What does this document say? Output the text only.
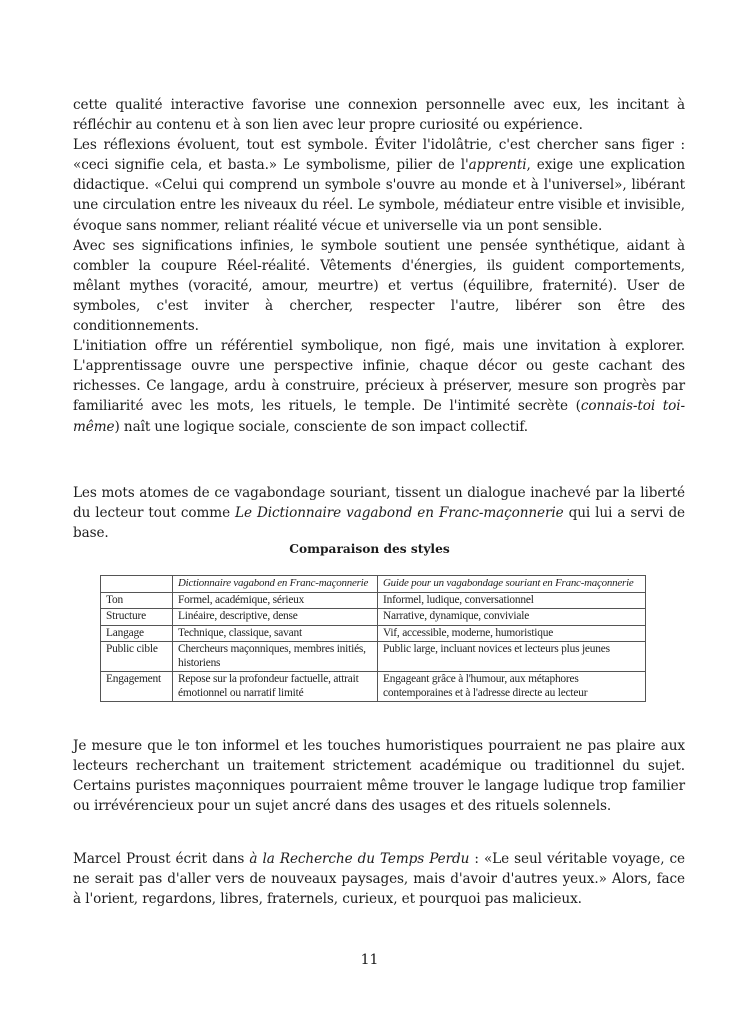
cette qualité interactive favorise une connexion personnelle avec eux, les incitant à réfléchir au contenu et à son lien avec leur propre curiosité ou expérience.

Les réflexions évoluent, tout est symbole. Éviter l'idolâtrie, c'est chercher sans figer : «ceci signifie cela, et basta.» Le symbolisme, pilier de l'apprenti, exige une explication didactique. «Celui qui comprend un symbole s'ouvre au monde et à l'universel», libérant une circulation entre les niveaux du réel. Le symbole, médiateur entre visible et invisible, évoque sans nommer, reliant réalité vécue et universelle via un pont sensible.

Avec ses significations infinies, le symbole soutient une pensée synthétique, aidant à combler la coupure Réel-réalité. Vêtements d'énergies, ils guident comportements, mêlant mythes (voracité, amour, meurtre) et vertus (équilibre, fraternité). User de symboles, c'est inviter à chercher, respecter l'autre, libérer son être des conditionnements.

L'initiation offre un référentiel symbolique, non figé, mais une invitation à explorer. L'apprentissage ouvre une perspective infinie, chaque décor ou geste cachant des richesses. Ce langage, ardu à construire, précieux à préserver, mesure son progrès par familiarité avec les mots, les rituels, le temple. De l'intimité secrète (connais-toi toi-même) naît une logique sociale, consciente de son impact collectif.

Les mots atomes de ce vagabondage souriant, tissent un dialogue inachevé par la liberté du lecteur tout comme Le Dictionnaire vagabond en Franc-maçonnerie qui lui a servi de base.

Comparaison des styles
	Dictionnaire vagabond en Franc-maçonnerie	Guide pour un vagabondage souriant en Franc-maçonnerie
Ton	Formel, académique, sérieux	Informel, ludique, conversationnel
Structure	Linéaire, descriptive, dense	Narrative, dynamique, conviviale
Langage	Technique, classique, savant	Vif, accessible, moderne, humoristique
Public cible	Chercheurs maçonniques, membres initiés, historiens	Public large, incluant novices et lecteurs plus jeunes
Engagement	Repose sur la profondeur factuelle, attrait émotionnel ou narratif limité	Engageant grâce à l'humour, aux métaphores contemporaines et à l'adresse directe au lecteur

Je mesure que le ton informel et les touches humoristiques pourraient ne pas plaire aux lecteurs recherchant un traitement strictement académique ou traditionnel du sujet. Certains puristes maçonniques pourraient même trouver le langage ludique trop familier ou irrévérencieux pour un sujet ancré dans des usages et des rituels solennels.

Marcel Proust écrit dans à la Recherche du Temps Perdu : «Le seul véritable voyage, ce ne serait pas d'aller vers de nouveaux paysages, mais d'avoir d'autres yeux.» Alors, face à l'orient, regardons, libres, fraternels, curieux, et pourquoi pas malicieux.

11
